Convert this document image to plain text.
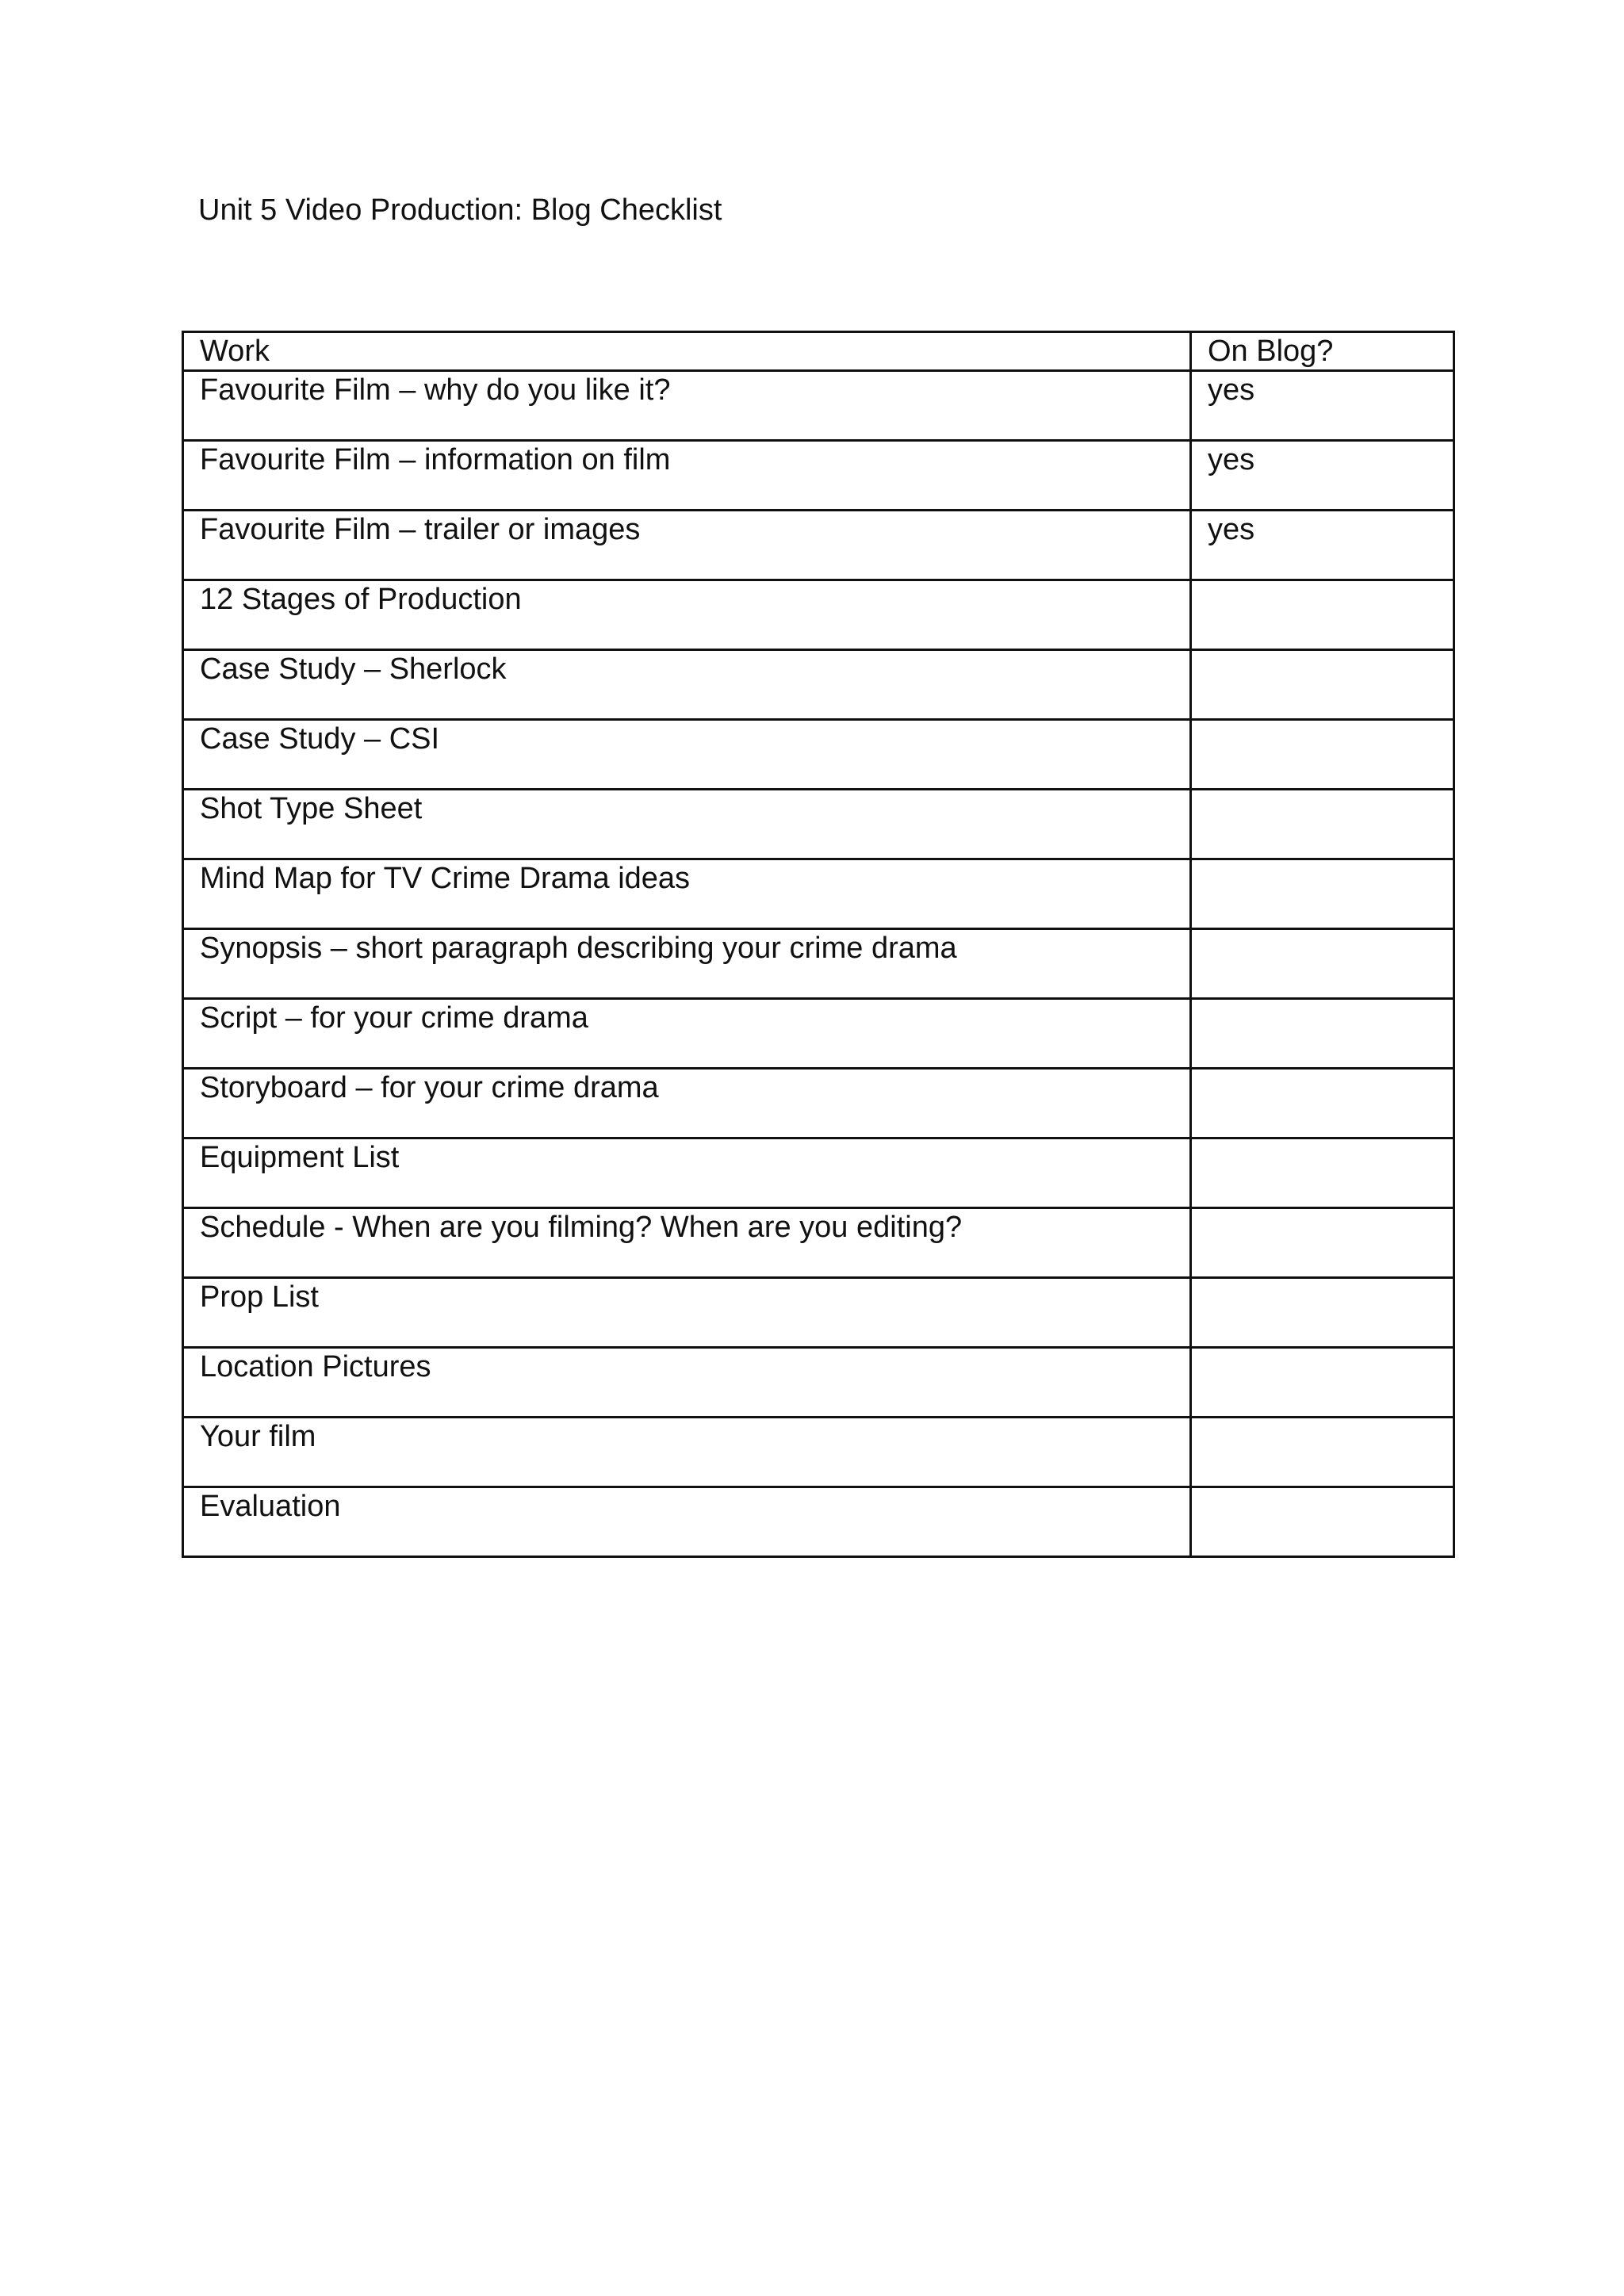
Unit 5 Video Production: Blog Checklist
Work	On Blog?
Favourite Film – why do you like it?	yes
Favourite Film – information on film	yes
Favourite Film – trailer or images	yes
12 Stages of Production	
Case Study – Sherlock	
Case Study – CSI	
Shot Type Sheet	
Mind Map for TV Crime Drama ideas	
Synopsis – short paragraph describing your crime drama	
Script – for your crime drama	
Storyboard – for your crime drama	
Equipment List	
Schedule - When are you filming? When are you editing?	
Prop List	
Location Pictures	
Your film	
Evaluation	
